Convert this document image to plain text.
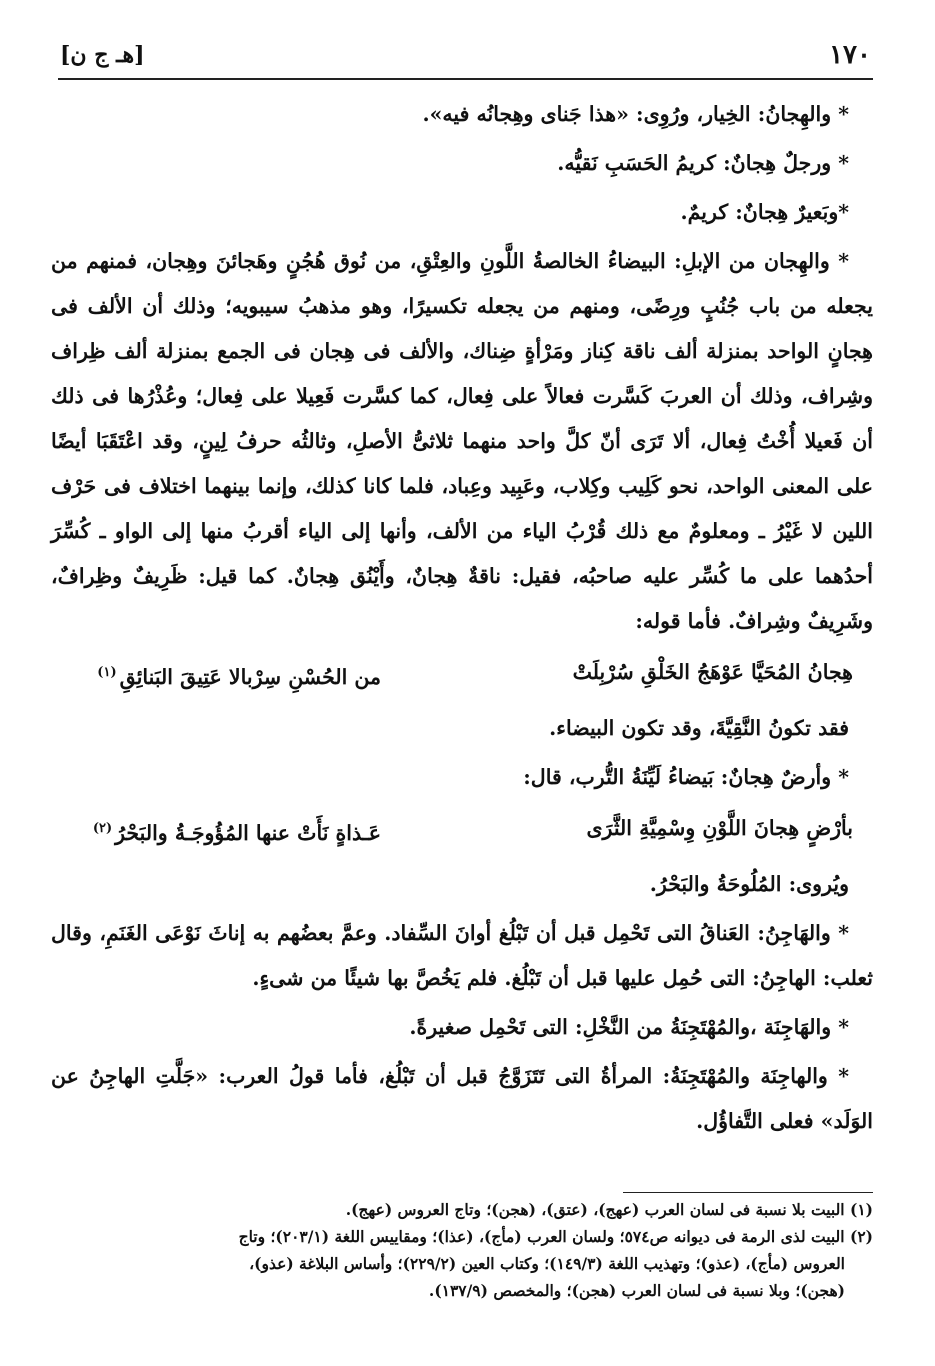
١٧٠
[هـ ج ن]

* والهِجانُ: الخِيار، ورُوِى: «هذا جَناى وهِجانُه فيه».

* ورجلٌ هِجانٌ: كريمُ الحَسَبِ نَقيُّه.

*وبَعيرٌ هِجانٌ: كريمٌ.

* والهِجان من الإبلِ: البيضاءُ الخالصةُ اللَّونِ والعِتْقِ، من نُوق هُجُنٍ وهَجائنَ وهِجان، فمنهم من يجعله من باب جُنُبٍ ورِضًى، ومنهم من يجعله تكسيرًا، وهو مذهبُ سيبويه؛ وذلك أن الألف فى هِجانٍ الواحد بمنزلة ألف ناقة كِناز ومَرْأةٍ ضِناك، والألف فى هِجان فى الجمع بمنزلة ألف ظِراف وشِراف، وذلك أن العربَ كَسَّرت فعالاً على فِعال، كما كسَّرت فَعِيلا على فِعال؛ وعُذْرُها فى ذلك أن فَعيلا أُخْتُ فِعال، ألا تَرَى أنّ كلَّ واحد منهما ثلاثىُّ الأصلِ، وثالثُه حرفُ لِينٍ، وقد اعْتَقَبَا أيضًا على المعنى الواحد، نحو كَلِيب وكِلاب، وعَبِيد وعِباد، فلما كانا كذلك، وإنما بينهما اختلاف فى حَرْف اللين لا غَيْرُ ـ ومعلومٌ مع ذلك قُرْبُ الياء من الألف، وأنها إلى الياء أقربُ منها إلى الواو ـ كُسِّرَ أحدُهما على ما كُسِّر عليه صاحبُه، فقيل: ناقةٌ هِجانٌ، وأَيْنُق هِجانٌ. كما قيل: ظَرِيفٌ وظِرافٌ، وشَرِيفٌ وشِرافٌ. فأما قوله:

هِجانُ المُحَيَّا عَوْهَجُ الخَلْقِ سُرْبِلَتْ
من الحُسْنِ سِرْبالا عَتِيقَ البَنائِقِ$^{(١)}$

فقد تكونُ النَّقِيَّةَ، وقد تكون البيضاء.

* وأرضٌ هِجانٌ: بَيضاءُ لَيِّنَةُ التُّرب، قال:

بأرْضٍ هِجانَ اللَّوْنِ وِسْمِيَّةِ الثَّرَى
عَـذاةٍ نَأَتْ عنها المُؤُوجَـةُ والبَحْرُ$^{(٢)}$

ويُروى: المُلُوحَةُ والبَحْرُ.

* والهَاجِنُ: العَناقُ التى تَحْمِل قبل أن تَبْلُغ أوانَ السِّفاد. وعمَّ بعضُهم به إناثَ نَوْعَى الغَنَمِ، وقال ثعلب: الهاجِنُ: التى حُمِل عليها قبل أن تَبْلُغ. فلم يَخُصَّ بها شيئًا من شىءٍ.

* والهَاجِنَة ،والمُهْتَجِنَةُ من النَّخْلِ: التى تَحْمِل صغيرةً.

* والهاجِنَة والمُهْتَجِنَةُ: المرأةُ التى تَتَزَوَّجُ قبل أن تَبْلُغ، فأما قولُ العرب: «جَلَّتِ الهاجِنُ عن الوَلَد» فعلى التَّفاؤُل.

(١) البيت بلا نسبة فى لسان العرب (عهج)، (عتق)، (هجن)؛ وتاج العروس (عهج).

(٢) البيت لذى الرمة فى ديوانه ص٥٧٤؛ ولسان العرب (مأج)، (عذا)؛ ومقاييس اللغة (٢٠٣/١)؛ وتاج

العروس (مأج)، (عذو)؛ وتهذيب اللغة (١٤٩/٣)؛ وكتاب العين (٢٢٩/٢)؛ وأساس البلاغة (عذو)،

(هجن)؛ وبلا نسبة فى لسان العرب (هجن)؛ والمخصص (١٣٧/٩).
